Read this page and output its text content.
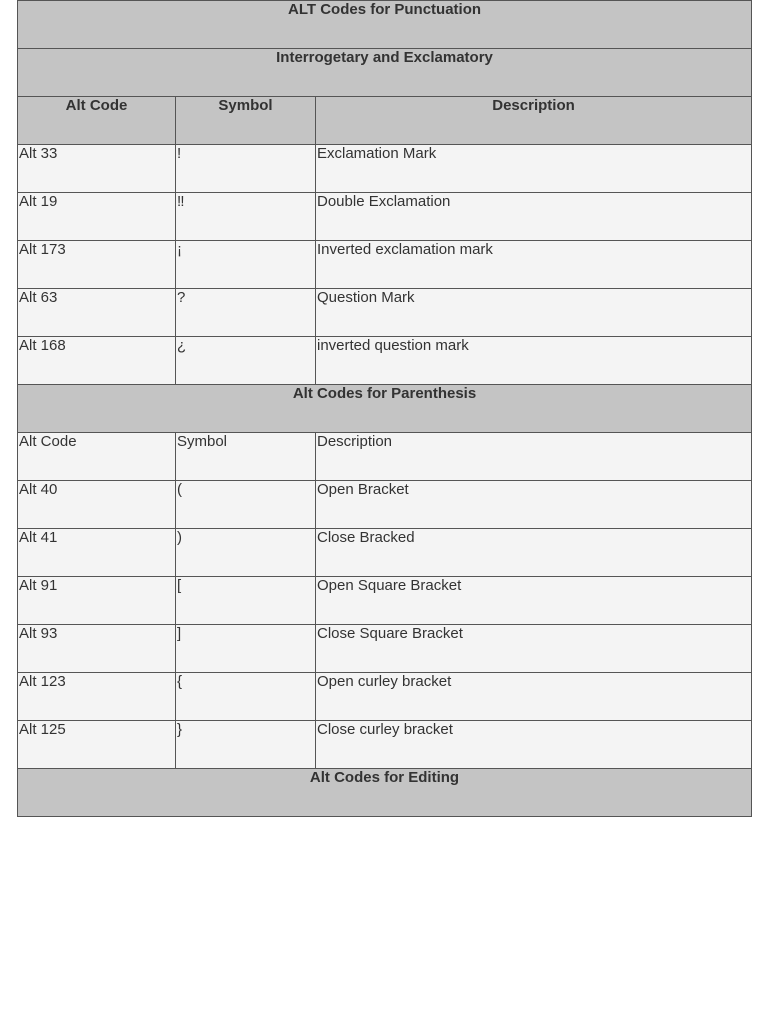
ALT Codes for Punctuation		
Interrogetary and Exclamatory		
Alt Code	Symbol	Description
Alt 33	!	Exclamation Mark
Alt 19	‼	Double Exclamation
Alt 173	¡	Inverted exclamation mark
Alt 63	?	Question Mark
Alt 168	¿	inverted question mark
Alt Codes for Parenthesis		
Alt Code	Symbol	Description
Alt 40	(	Open Bracket
Alt 41	)	Close Bracked
Alt 91	[	Open Square Bracket
Alt 93	]	Close Square Bracket
Alt 123	{	Open curley bracket
Alt 125	}	Close curley bracket
Alt Codes for Editing		
